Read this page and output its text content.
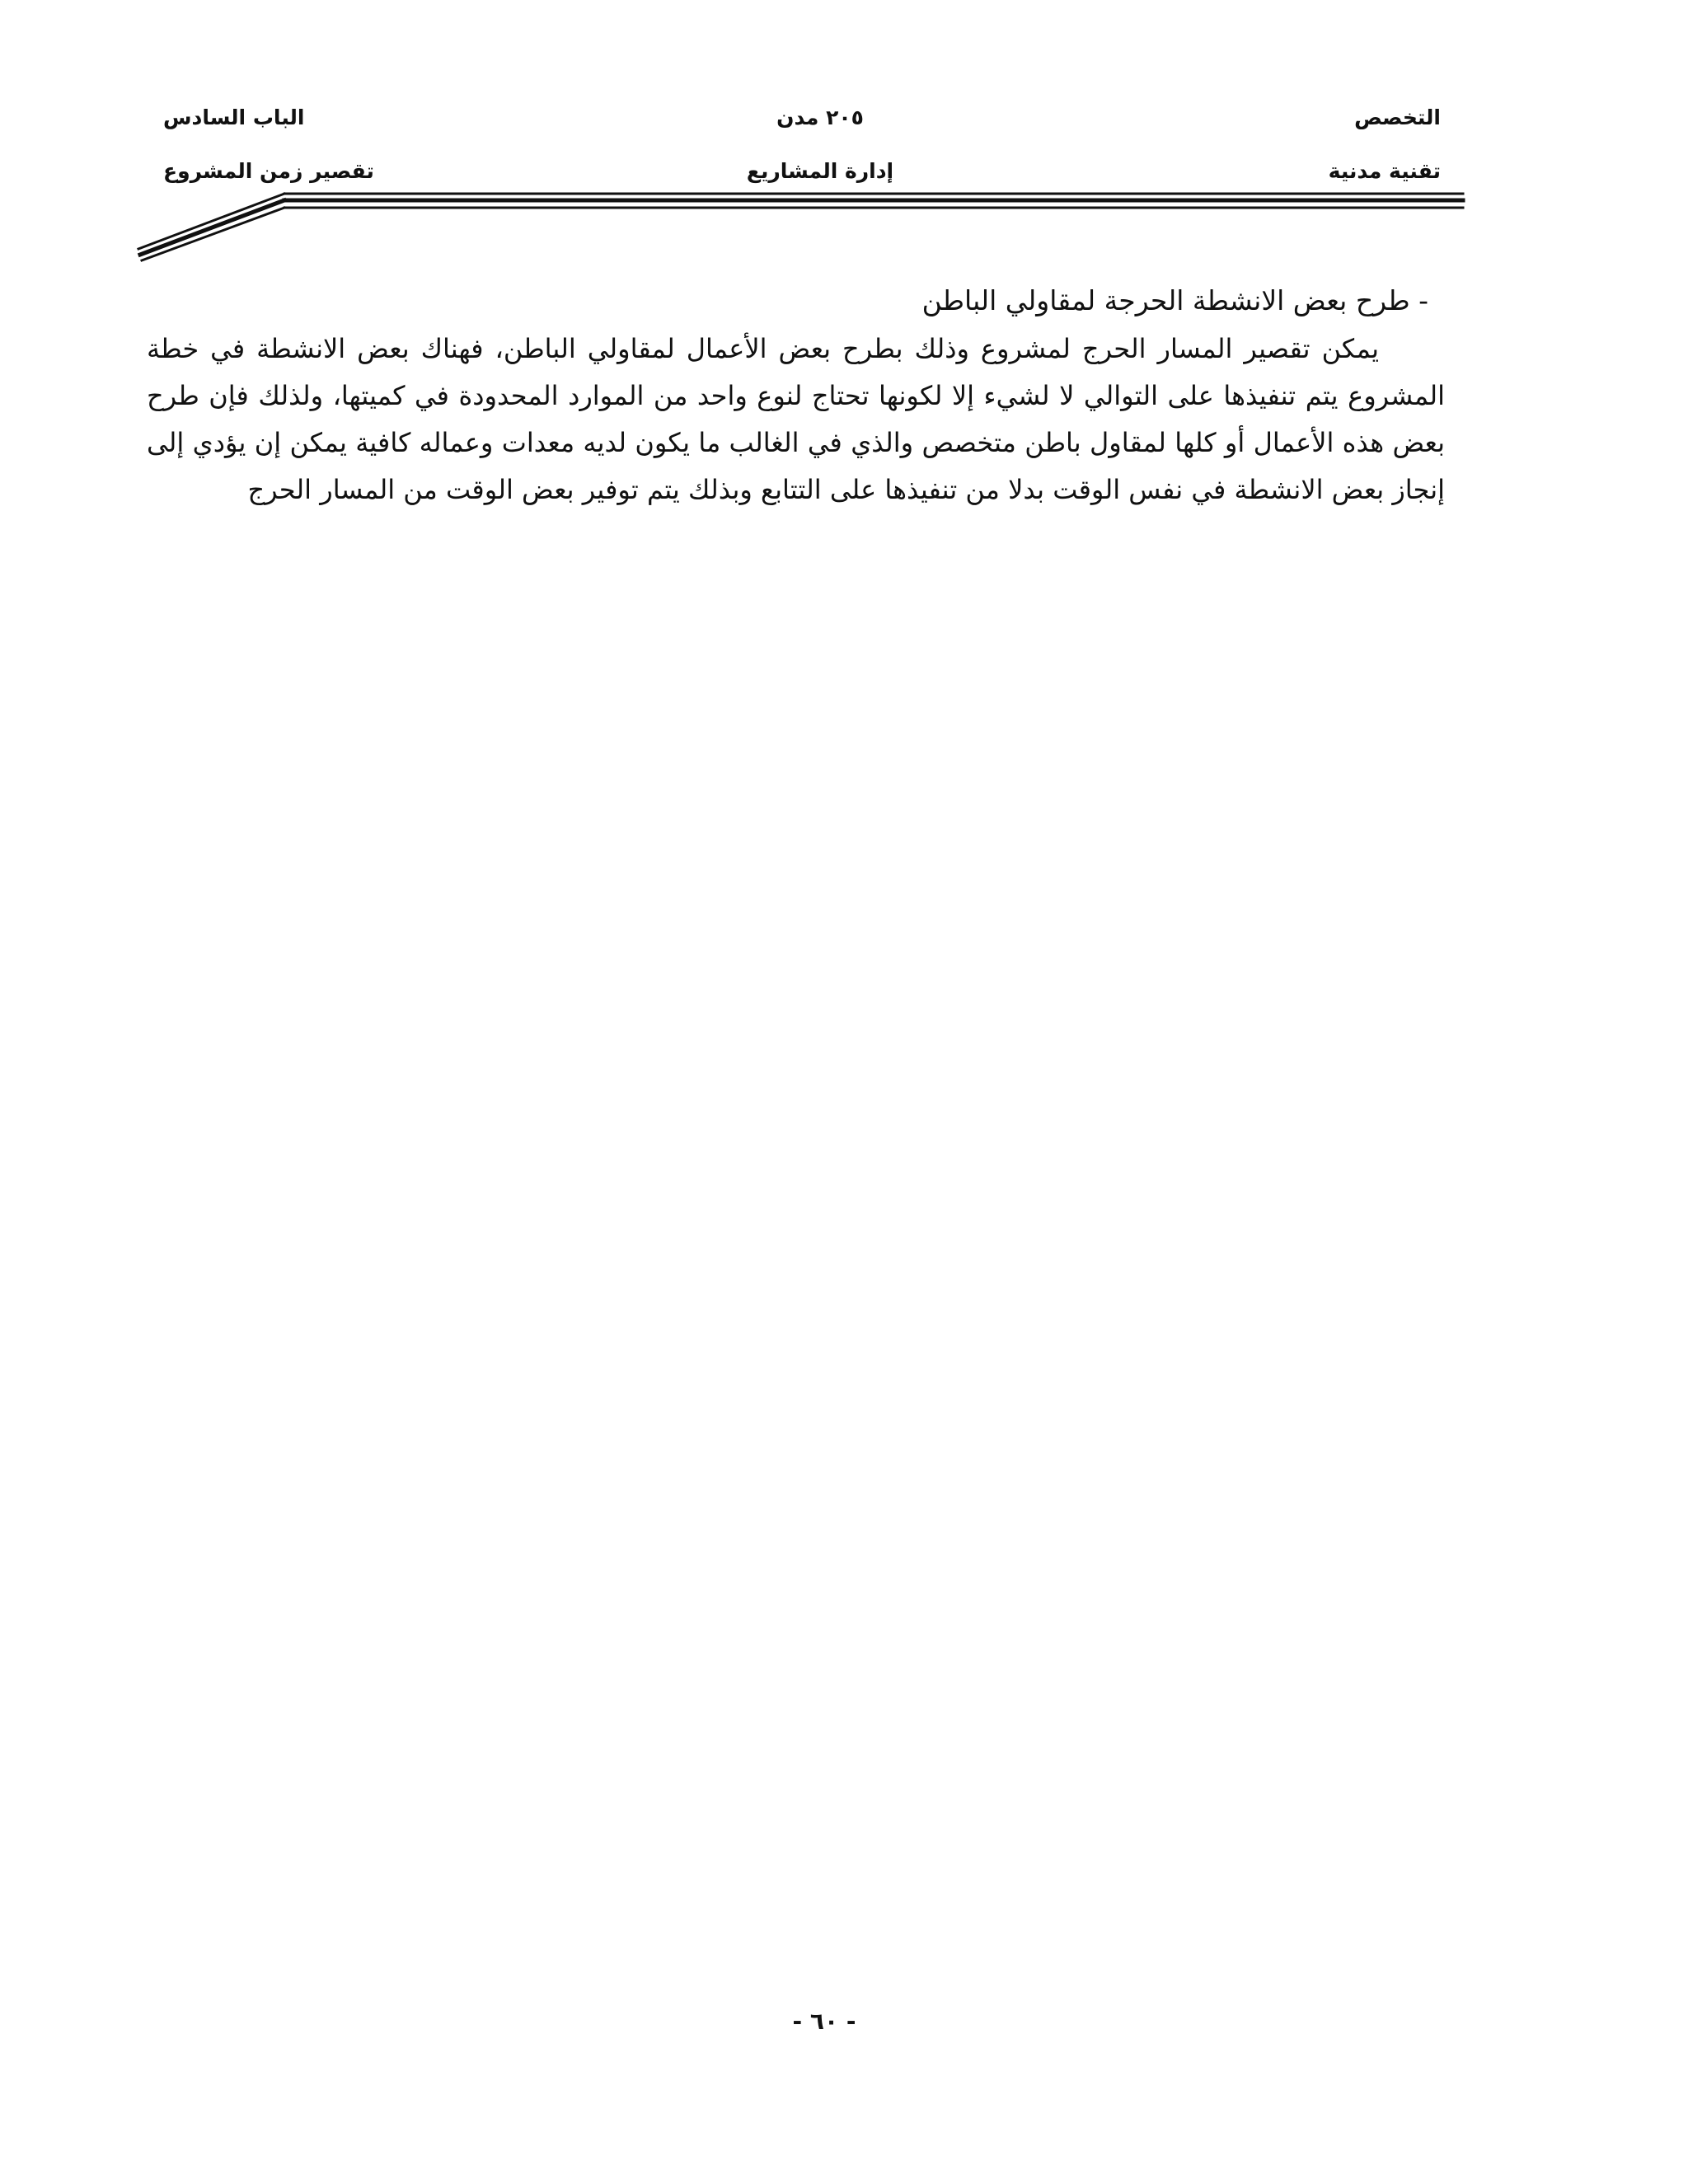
التخصص
٢٠٥ مدن
الباب السادس
تقنية مدنية
إدارة المشاريع
تقصير زمن المشروع

- طرح بعض الانشطة الحرجة لمقاولي الباطن

يمكن تقصير المسار الحرج لمشروع وذلك بطرح بعض الأعمال لمقاولي الباطن، فهناك بعض الانشطة في خطة المشروع يتم تنفيذها على التوالي لا لشيء إلا لكونها تحتاج لنوع واحد من الموارد المحدودة في كميتها، ولذلك فإن طرح بعض هذه الأعمال أو كلها لمقاول باطن متخصص والذي في الغالب ما يكون لديه معدات وعماله كافية يمكن إن يؤدي إلى إنجاز بعض الانشطة في نفس الوقت بدلا من تنفيذها على التتابع وبذلك يتم توفير بعض الوقت من المسار الحرج

- ٦٠ -
